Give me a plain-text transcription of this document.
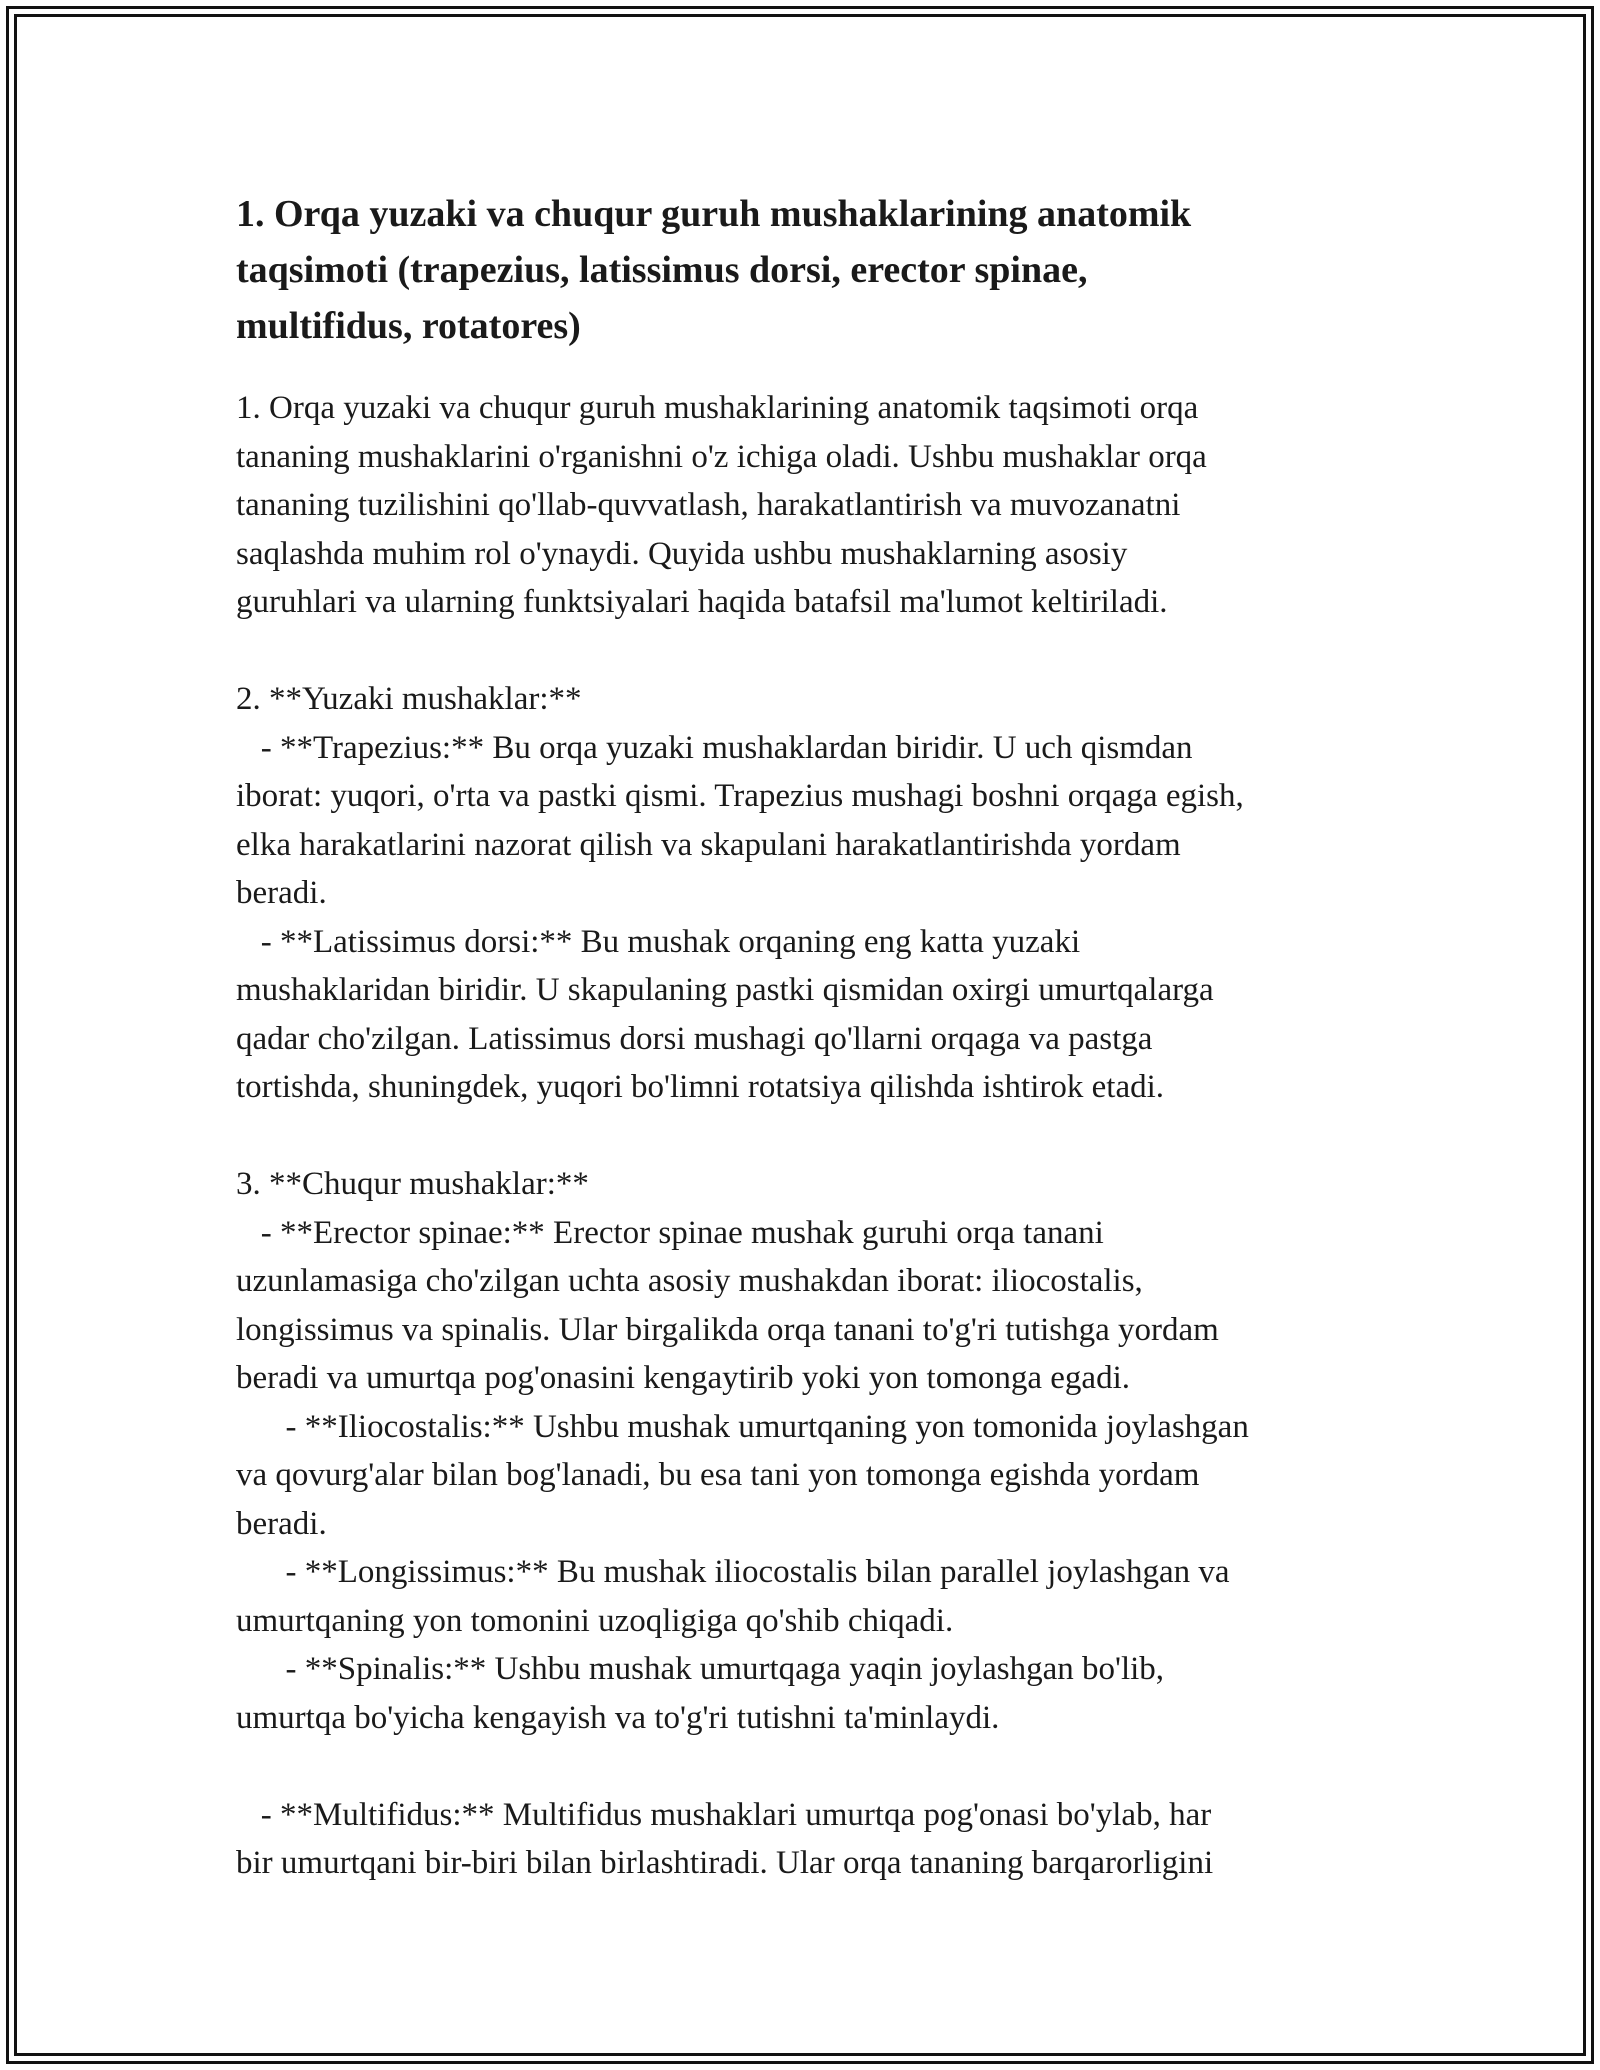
1. Orqa yuzaki va chuqur guruh mushaklarining anatomik
taqsimoti (trapezius, latissimus dorsi, erector spinae,
multifidus, rotatores)
1. Orqa yuzaki va chuqur guruh mushaklarining anatomik taqsimoti orqa
tananing mushaklarini o'rganishni o'z ichiga oladi. Ushbu mushaklar orqa
tananing tuzilishini qo'llab-quvvatlash, harakatlantirish va muvozanatni
saqlashda muhim rol o'ynaydi. Quyida ushbu mushaklarning asosiy
guruhlari va ularning funktsiyalari haqida batafsil ma'lumot keltiriladi.
2. **Yuzaki mushaklar:**
- **Trapezius:** Bu orqa yuzaki mushaklardan biridir. U uch qismdan
iborat: yuqori, o'rta va pastki qismi. Trapezius mushagi boshni orqaga egish,
elka harakatlarini nazorat qilish va skapulani harakatlantirishda yordam
beradi.
- **Latissimus dorsi:** Bu mushak orqaning eng katta yuzaki
mushaklaridan biridir. U skapulaning pastki qismidan oxirgi umurtqalarga
qadar cho'zilgan. Latissimus dorsi mushagi qo'llarni orqaga va pastga
tortishda, shuningdek, yuqori bo'limni rotatsiya qilishda ishtirok etadi.
3. **Chuqur mushaklar:**
- **Erector spinae:** Erector spinae mushak guruhi orqa tanani
uzunlamasiga cho'zilgan uchta asosiy mushakdan iborat: iliocostalis,
longissimus va spinalis. Ular birgalikda orqa tanani to'g'ri tutishga yordam
beradi va umurtqa pog'onasini kengaytirib yoki yon tomonga egadi.
- **Iliocostalis:** Ushbu mushak umurtqaning yon tomonida joylashgan
va qovurg'alar bilan bog'lanadi, bu esa tani yon tomonga egishda yordam
beradi.
- **Longissimus:** Bu mushak iliocostalis bilan parallel joylashgan va
umurtqaning yon tomonini uzoqligiga qo'shib chiqadi.
- **Spinalis:** Ushbu mushak umurtqaga yaqin joylashgan bo'lib,
umurtqa bo'yicha kengayish va to'g'ri tutishni ta'minlaydi.
- **Multifidus:** Multifidus mushaklari umurtqa pog'onasi bo'ylab, har
bir umurtqani bir-biri bilan birlashtiradi. Ular orqa tananing barqarorligini
